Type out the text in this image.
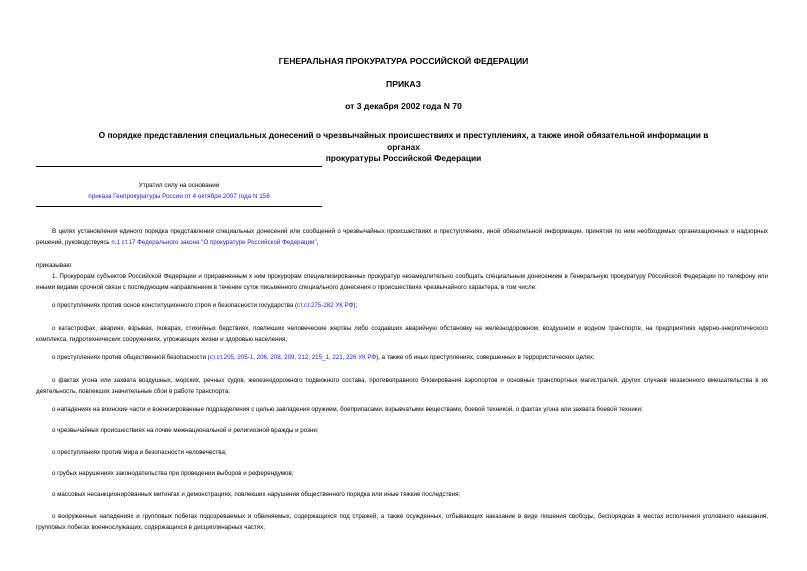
ГЕНЕРАЛЬНАЯ ПРОКУРАТУРА РОССИЙСКОЙ ФЕДЕРАЦИИ
ПРИКАЗ
от 3 декабря 2002 года N 70
О порядке представления специальных донесений о чрезвычайных происшествиях и преступлениях, а также иной обязательной информации в органах
прокуратуры Российской Федерации
Утратил силу на основании
приказа Генпрокуратуры России от 4 октября 2007 года N 158
В целях установления единого порядка представления специальных донесений или сообщений о чрезвычайных происшествиях и преступлениях, иной обязательной информации, принятия по ним необходимых организационных и надзорных решений, руководствуясь п.1 ст.17 Федерального закона "О прокуратуре Российской Федерации",
приказываю:
1. Прокурорам субъектов Российской Федерации и приравненным к ним прокурорам специализированных прокуратур незамедлительно сообщать специальным донесением в Генеральную прокуратуру Российской Федерации по телефону или иными видами срочной связи с последующим направлением в течение суток письменного специального донесения о происшествиях чрезвычайного характера, в том числе:
о преступлениях против основ конституционного строя и безопасности государства (ст.ст.275-282 УК РФ);
о катастрофах, авариях, взрывах, пожарах, стихийных бедствиях, повлекших человеческие жертвы либо создавших аварийную обстановку на железнодорожном, воздушном и водном транспорте, на предприятиях ядерно-энергетического комплекса, гидротехнических сооружениях, угрожающих жизни и здоровью населения;
о преступлениях против общественной безопасности (ст.ст.205, 205-1, 206, 208, 209, 212, 215_1, 221, 226 УК РФ), а также об иных преступлениях, совершенных в террористических целях;
о фактах угона или захвата воздушных, морских, речных судов, железнодорожного подвижного состава, противоправного блокирования аэропортов и основных транспортных магистралей, других случаев незаконного вмешательства в их деятельность, повлекших значительные сбои в работе транспорта;
о нападениях на воинские части и военизированные подразделения с целью завладения оружием, боеприпасами, взрывчатыми веществами, боевой техникой, о фактах угона или захвата боевой техники;
о чрезвычайных происшествиях на почве межнациональной и религиозной вражды и розни;
о преступлениях против мира и безопасности человечества;
о грубых нарушениях законодательства при проведении выборов и референдумов;
о массовых несанкционированных митингах и демонстрациях, повлекших нарушения общественного порядка или иные тяжкие последствия;
о вооруженных нападениях и групповых побегах подозреваемых и обвиняемых, содержащихся под стражей, а также осужденных, отбывающих наказание в виде лишения свободы, беспорядках в местах исполнения уголовного наказания, групповых побегах военнослужащих, содержащихся в дисциплинарных частях;
